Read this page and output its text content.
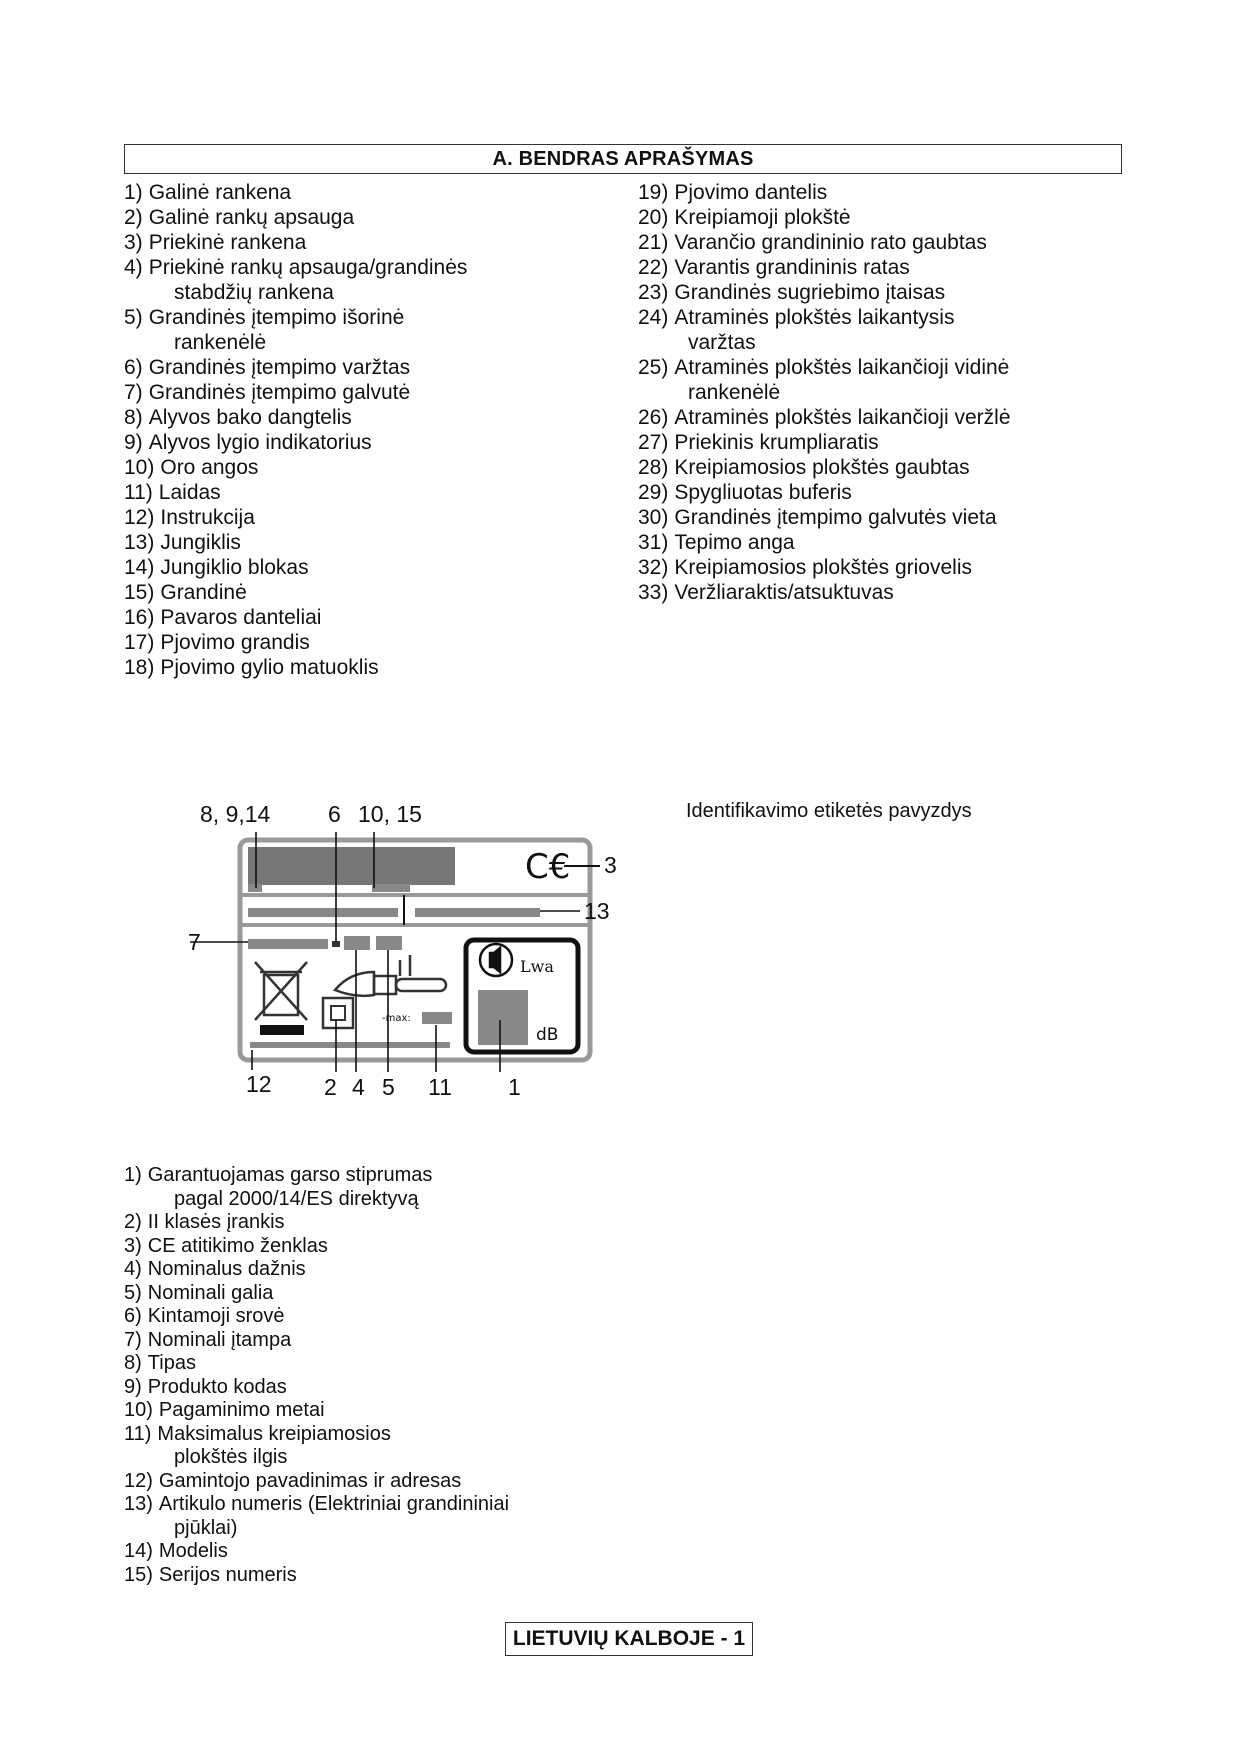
A. BENDRAS APRAŠYMAS
1) Galinė rankena
2) Galinė rankų apsauga
3) Priekinė rankena
4) Priekinė rankų apsauga/grandinės
stabdžių rankena
5) Grandinės įtempimo išorinė
rankenėlė
6) Grandinės įtempimo varžtas
7) Grandinės įtempimo galvutė
8) Alyvos bako dangtelis
9) Alyvos lygio indikatorius
10) Oro angos
11) Laidas
12) Instrukcija
13) Jungiklis
14) Jungiklio blokas
15) Grandinė
16) Pavaros danteliai
17) Pjovimo grandis
18) Pjovimo gylio matuoklis
19) Pjovimo dantelis
20) Kreipiamoji plokštė
21) Varančio grandininio rato gaubtas
22) Varantis grandininis ratas
23) Grandinės sugriebimo įtaisas
24) Atraminės plokštės laikantysis
varžtas
25) Atraminės plokštės laikančioji vidinė
rankenėlė
26) Atraminės plokštės laikančioji veržlė
27) Priekinis krumpliaratis
28) Kreipiamosios plokštės gaubtas
29) Spygliuotas buferis
30) Grandinės įtempimo galvutės vieta
31) Tepimo anga
32) Kreipiamosios plokštės griovelis
33) Veržliaraktis/atsuktuvas
Identifikavimo etiketės pavyzdys
C€
-max:
Lwa
dB
8, 9,14	6 10, 15
3
13
7
12 2 4 5 11 1
1) Garantuojamas garso stiprumas
pagal 2000/14/ES direktyvą
2) II klasės įrankis
3) CE atitikimo ženklas
4) Nominalus dažnis
5) Nominali galia
6) Kintamoji srovė
7) Nominali įtampa
8) Tipas
9) Produkto kodas
10) Pagaminimo metai
11) Maksimalus kreipiamosios
plokštės ilgis
12) Gamintojo pavadinimas ir adresas
13) Artikulo numeris (Elektriniai grandininiai
pjūklai)
14) Modelis
15) Serijos numeris
LIETUVIŲ KALBOJE - 1
